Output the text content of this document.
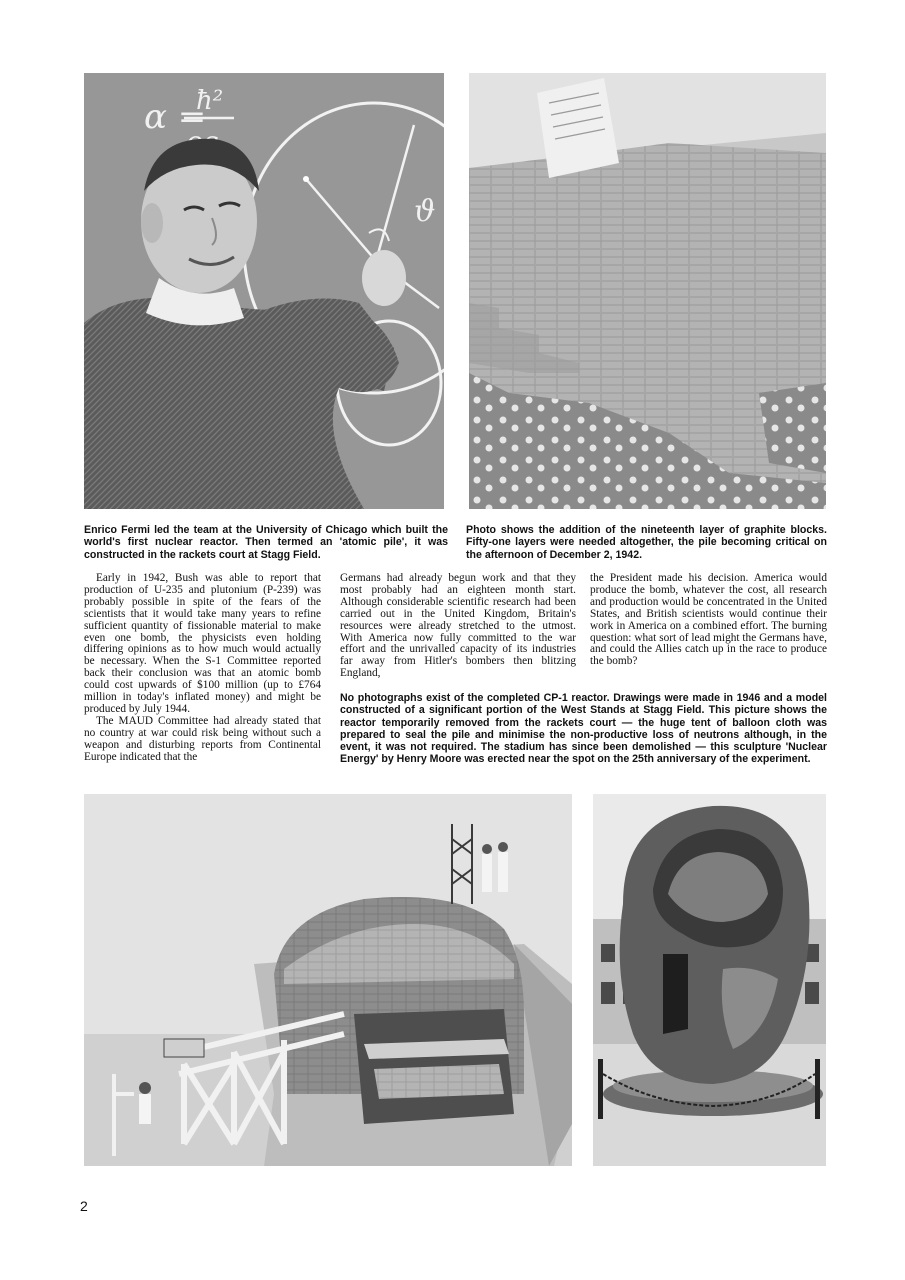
α =
ħ²
ϑ

Enrico Fermi led the team at the University of Chicago which built the world's first nuclear reactor. Then termed an 'atomic pile', it was constructed in the rackets court at Stagg Field.

Photo shows the addition of the nineteenth layer of graphite blocks. Fifty-one layers were needed altogether, the pile becoming critical on the afternoon of December 2, 1942.

Early in 1942, Bush was able to report that production of U-235 and plutonium (P-239) was probably possible in spite of the fears of the scientists that it would take many years to refine sufficient quantity of fissionable material to make even one bomb, the physicists even holding differing opinions as to how much would actually be necessary. When the S-1 Committee reported back their conclusion was that an atomic bomb could cost upwards of $100 million (up to £764 million in today's inflated money) and might be produced by July 1944.

The MAUD Committee had already stated that no country at war could risk being without such a weapon and disturbing reports from Continental Europe indicated that the

Germans had already begun work and that they most probably had an eighteen month start. Although considerable scientific research had been carried out in the United Kingdom, Britain's resources were already stretched to the utmost. With America now fully committed to the war effort and the unrivalled capacity of its industries far away from Hitler's bombers then blitzing England,

the President made his decision. America would produce the bomb, whatever the cost, all research and production would be concentrated in the United States, and British scientists would continue their work in America on a combined effort. The burning question: what sort of lead might the Germans have, and could the Allies catch up in the race to produce the bomb?

No photographs exist of the completed CP-1 reactor. Drawings were made in 1946 and a model constructed of a significant portion of the West Stands at Stagg Field. This picture shows the reactor temporarily removed from the rackets court — the huge tent of balloon cloth was prepared to seal the pile and minimise the non-productive loss of neutrons although, in the event, it was not required. The stadium has since been demolished — this sculpture 'Nuclear Energy' by Henry Moore was erected near the spot on the 25th anniversary of the experiment.

2
